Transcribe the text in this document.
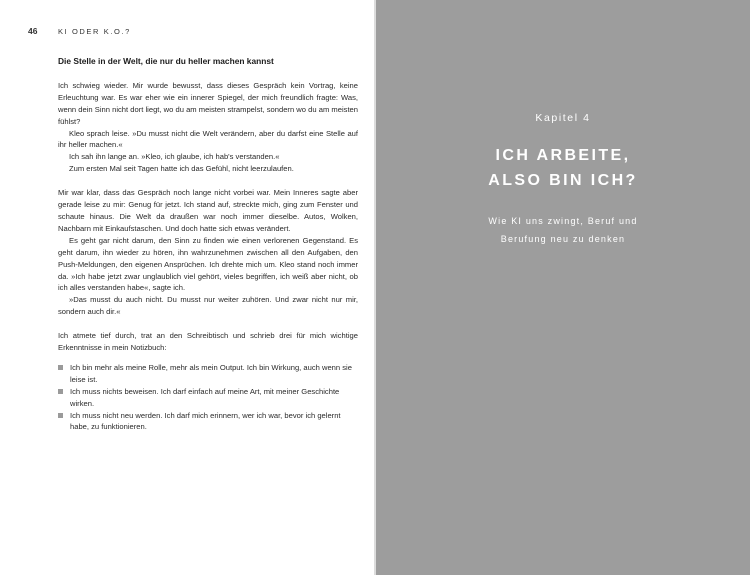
46	KI ODER K.O.?
Die Stelle in der Welt, die nur du heller machen kannst

Ich schwieg wieder. Mir wurde bewusst, dass dieses Gespräch kein Vortrag, keine Erleuchtung war. Es war eher wie ein innerer Spiegel, der mich freundlich fragte: Was, wenn dein Sinn nicht dort liegt, wo du am meisten strampelst, sondern wo du am meisten fühlst?

Kleo sprach leise. »Du musst nicht die Welt verändern, aber du darfst eine Stelle auf ihr heller machen.«

Ich sah ihn lange an. »Kleo, ich glaube, ich hab's verstanden.«

Zum ersten Mal seit Tagen hatte ich das Gefühl, nicht leerzulaufen.

Mir war klar, dass das Gespräch noch lange nicht vorbei war. Mein Inneres sagte aber gerade leise zu mir: Genug für jetzt. Ich stand auf, streckte mich, ging zum Fenster und schaute hinaus. Die Welt da draußen war noch immer dieselbe. Autos, Wolken, Nachbarn mit Einkaufstaschen. Und doch hatte sich etwas verändert.

Es geht gar nicht darum, den Sinn zu finden wie einen verlorenen Gegenstand. Es geht darum, ihn wieder zu hören, ihn wahrzunehmen zwischen all den Aufgaben, den Push-Meldungen, den eigenen Ansprüchen. Ich drehte mich um. Kleo stand noch immer da. »Ich habe jetzt zwar unglaublich viel gehört, vieles begriffen, ich weiß aber nicht, ob ich alles verstanden habe«, sagte ich.

»Das musst du auch nicht. Du musst nur weiter zuhören. Und zwar nicht nur mir, sondern auch dir.«

Ich atmete tief durch, trat an den Schreibtisch und schrieb drei für mich wichtige Erkenntnisse in mein Notizbuch:

Ich bin mehr als meine Rolle, mehr als mein Output. Ich bin Wirkung, auch wenn sie leise ist.
Ich muss nichts beweisen. Ich darf einfach auf meine Art, mit meiner Geschichte wirken.
Ich muss nicht neu werden. Ich darf mich erinnern, wer ich war, bevor ich gelernt habe, zu funktionieren.
Kapitel 4
ICH ARBEITE,
ALSO BIN ICH?
Wie KI uns zwingt, Beruf und
Berufung neu zu denken
